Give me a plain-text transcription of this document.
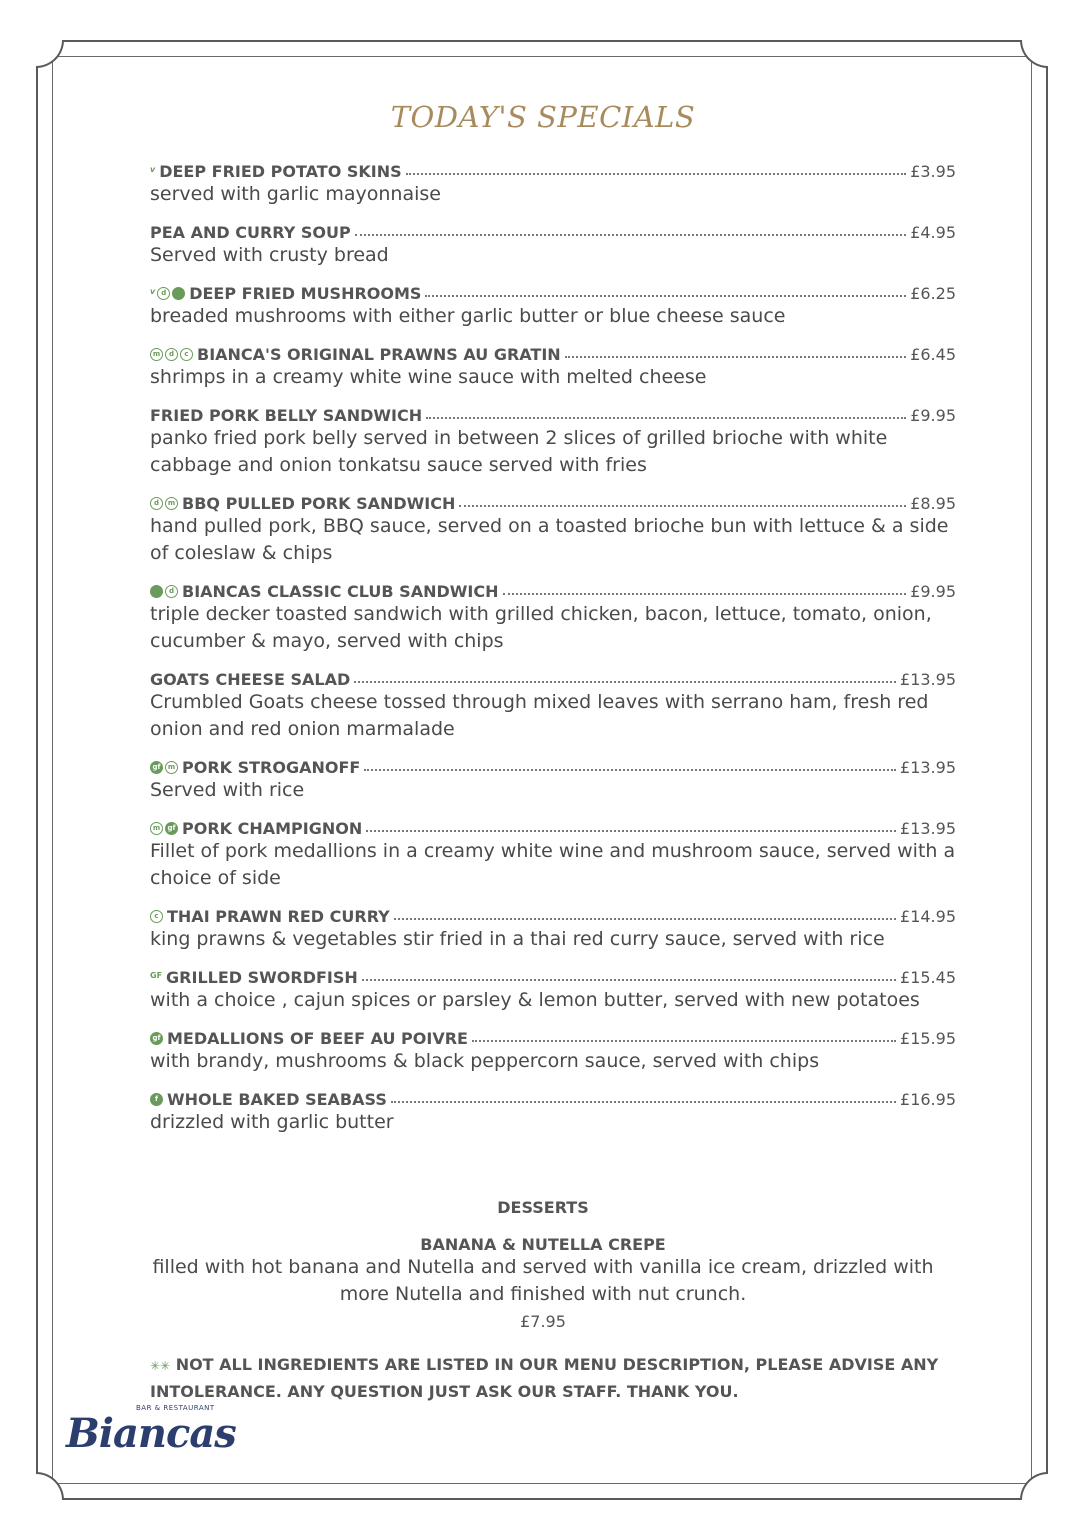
TODAY'S SPECIALS
v DEEP FRIED POTATO SKINS	£3.95
served with garlic mayonnaise
PEA AND CURRY SOUP	£4.95
Served with crusty bread
v d DEEP FRIED MUSHROOMS	£6.25
breaded mushrooms with either garlic butter or blue cheese sauce
m	d	c BIANCA'S ORIGINAL PRAWNS AU GRATIN	£6.45
shrimps in a creamy white wine sauce with melted cheese
FRIED PORK BELLY SANDWICH	£9.95
panko fried pork belly served in between 2 slices of grilled brioche with white cabbage and onion tonkatsu sauce served with fries
d	m BBQ PULLED PORK SANDWICH	£8.95
hand pulled pork, BBQ sauce, served on a toasted brioche bun with lettuce & a side of coleslaw & chips
d BIANCAS CLASSIC CLUB SANDWICH	£9.95
triple decker toasted sandwich with grilled chicken, bacon, lettuce, tomato, onion, cucumber & mayo, served with chips
GOATS CHEESE SALAD	£13.95
Crumbled Goats cheese tossed through mixed leaves with serrano ham, fresh red onion and red onion marmalade
gf	m PORK STROGANOFF	£13.95
Served with rice
m	gf PORK CHAMPIGNON	£13.95
Fillet of pork medallions in a creamy white wine and mushroom sauce, served with a choice of side
c THAI PRAWN RED CURRY	£14.95
king prawns & vegetables stir fried in a thai red curry sauce, served with rice
GF GRILLED SWORDFISH	£15.45
with a choice , cajun spices or parsley & lemon butter, served with new potatoes
gf MEDALLIONS OF BEEF AU POIVRE	£15.95
with brandy, mushrooms & black peppercorn sauce, served with chips
f WHOLE BAKED SEABASS	£16.95
drizzled with garlic butter
DESSERTS
BANANA & NUTELLA CREPE
filled with hot banana and Nutella and served with vanilla ice cream, drizzled with more Nutella and finished with nut crunch.
£7.95
✳✳ NOT ALL INGREDIENTS ARE LISTED IN OUR MENU DESCRIPTION, PLEASE ADVISE ANY INTOLERANCE. ANY QUESTION JUST ASK OUR STAFF. THANK YOU.
BAR & RESTAURANT
Biancas
